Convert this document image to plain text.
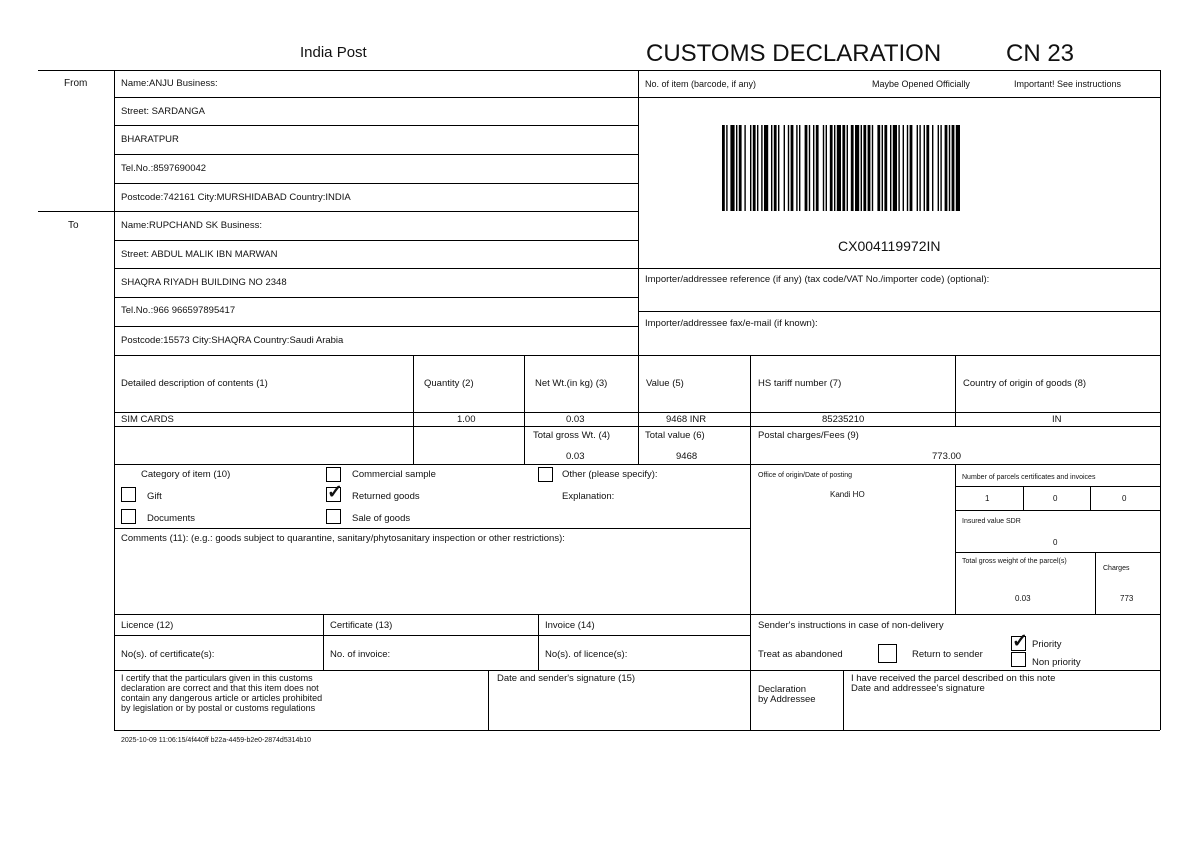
India Post	CUSTOMS DECLARATION	CN 23
From
To
Name:ANJU Business:
Street: SARDANGA
BHARATPUR
Tel.No.:8597690042
Postcode:742161 City:MURSHIDABAD Country:INDIA
Name:RUPCHAND SK Business:
Street: ABDUL MALIK IBN MARWAN
SHAQRA RIYADH BUILDING NO 2348
Tel.No.:966 966597895417
Postcode:15573 City:SHAQRA Country:Saudi Arabia
No. of item (barcode, if any)	Maybe Opened Officially	Important! See instructions
CX004119972IN
Importer/addressee reference (if any) (tax code/VAT No./importer code) (optional):
Importer/addressee fax/e-mail (if known):
Detailed description of contents (1)	Quantity (2)	Net Wt.(in kg) (3)	Value (5)	HS tariff number (7)	Country of origin of goods (8)
SIM CARDS	1.00	0.03	9468 INR	85235210	IN
Total gross Wt. (4)
0.03
Total value (6)
9468
Postal charges/Fees (9)
773.00
Category of item (10)
Gift
Documents
Commercial sample
✓
Returned goods
Sale of goods
Other (please specify):
Explanation:
Comments (11): (e.g.: goods subject to quarantine, sanitary/phytosanitary inspection or other restrictions):
Office of origin/Date of posting
Kandi HO
Number of parcels certificates and invoices
1	0	0
Insured value SDR
0
Total gross weight of the parcel(s)
Charges
0.03	773
Licence (12)	Certificate (13)	Invoice (14)
No(s). of certificate(s):	No. of invoice:	No(s). of licence(s):
Sender's instructions in case of non-delivery
Treat as abandoned	Return to sender
✓
Priority
Non priority
I certify that the particulars given in this customs
declaration are correct and that this item does not
contain any dangerous article or articles prohibited
by legislation or by postal or customs regulations
Date and sender's signature (15)
Declaration
by Addressee
I have received the parcel described on this note
Date and addressee's signature
2025-10-09 11:06:15/4f440ff b22a-4459-b2e0-2874d5314b10
